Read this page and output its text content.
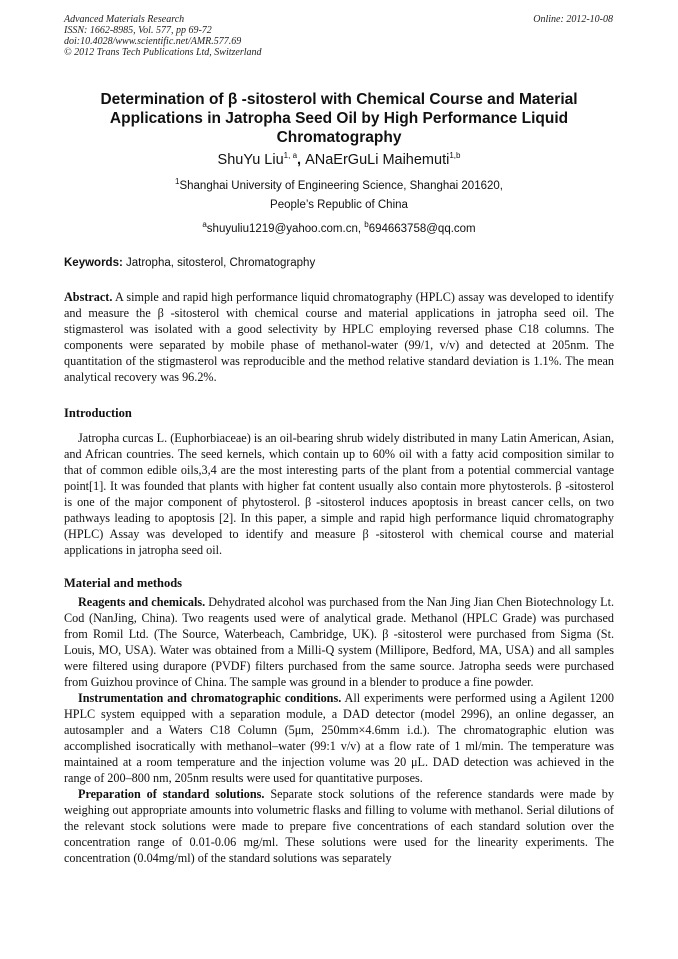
Advanced Materials Research
ISSN: 1662-8985, Vol. 577, pp 69-72
doi:10.4028/www.scientific.net/AMR.577.69
© 2012 Trans Tech Publications Ltd, Switzerland
Online: 2012-10-08
Determination of β -sitosterol with Chemical Course and Material Applications in Jatropha Seed Oil by High Performance Liquid Chromatography
ShuYu Liu$^{1, a}$, ANaErGuLi Maihemuti$^{1,b}$
$^1$Shanghai University of Engineering Science, Shanghai 201620,
People’s Republic of China
$^a$shuyuliu1219@yahoo.com.cn, $^b$694663758@qq.com
Keywords: Jatropha, sitosterol, Chromatography

Abstract. A simple and rapid high performance liquid chromatography (HPLC) assay was developed to identify and measure the β -sitosterol with chemical course and material applications in jatropha seed oil. The stigmasterol was isolated with a good selectivity by HPLC employing reversed phase C18 columns. The components were separated by mobile phase of methanol-water (99/1, v/v) and detected at 205nm. The quantitation of the stigmasterol was reproducible and the method relative standard deviation is 1.1%. The mean analytical recovery was 96.2%.

Introduction

Jatropha curcas L. (Euphorbiaceae) is an oil-bearing shrub widely distributed in many Latin American, Asian, and African countries. The seed kernels, which contain up to 60% oil with a fatty acid composition similar to that of common edible oils,3,4 are the most interesting parts of the plant from a potential commercial vantage point[1]. It was founded that plants with higher fat content usually also contain more phytosterols. β -sitosterol is one of the major component of phytosterol. β -sitosterol induces apoptosis in breast cancer cells, on two pathways leading to apoptosis [2]. In this paper, a simple and rapid high performance liquid chromatography (HPLC) Assay was developed to identify and measure β -sitosterol with chemical course and material applications in jatropha seed oil.

Material and methods

Reagents and chemicals. Dehydrated alcohol was purchased from the Nan Jing Jian Chen Biotechnology Lt. Cod (NanJing, China). Two reagents used were of analytical grade. Methanol (HPLC Grade) was purchased from Romil Ltd. (The Source, Waterbeach, Cambridge, UK). β -sitosterol were purchased from Sigma (St. Louis, MO, USA). Water was obtained from a Milli-Q system (Millipore, Bedford, MA, USA) and all samples were filtered using durapore (PVDF) filters purchased from the same source. Jatropha seeds were purchased from Guizhou province of China. The sample was ground in a blender to produce a fine powder.

Instrumentation and chromatographic conditions. All experiments were performed using a Agilent 1200 HPLC system equipped with a separation module, a DAD detector (model 2996), an online degasser, an autosampler and a Waters C18 Column (5μm, 250mm×4.6mm i.d.). The chromatographic elution was accomplished isocratically with methanol–water (99:1 v/v) at a flow rate of 1 ml/min. The temperature was maintained at a room temperature and the injection volume was 20 μL. DAD detection was achieved in the range of 200–800 nm, 205nm results were used for quantitative purposes.

Preparation of standard solutions. Separate stock solutions of the reference standards were made by weighing out appropriate amounts into volumetric flasks and filling to volume with methanol. Serial dilutions of the relevant stock solutions were made to prepare five concentrations of each standard solution over the concentration range of 0.01-0.06 mg/ml. These solutions were used for the linearity experiments. The concentration (0.04mg/ml) of the standard solutions was separately
